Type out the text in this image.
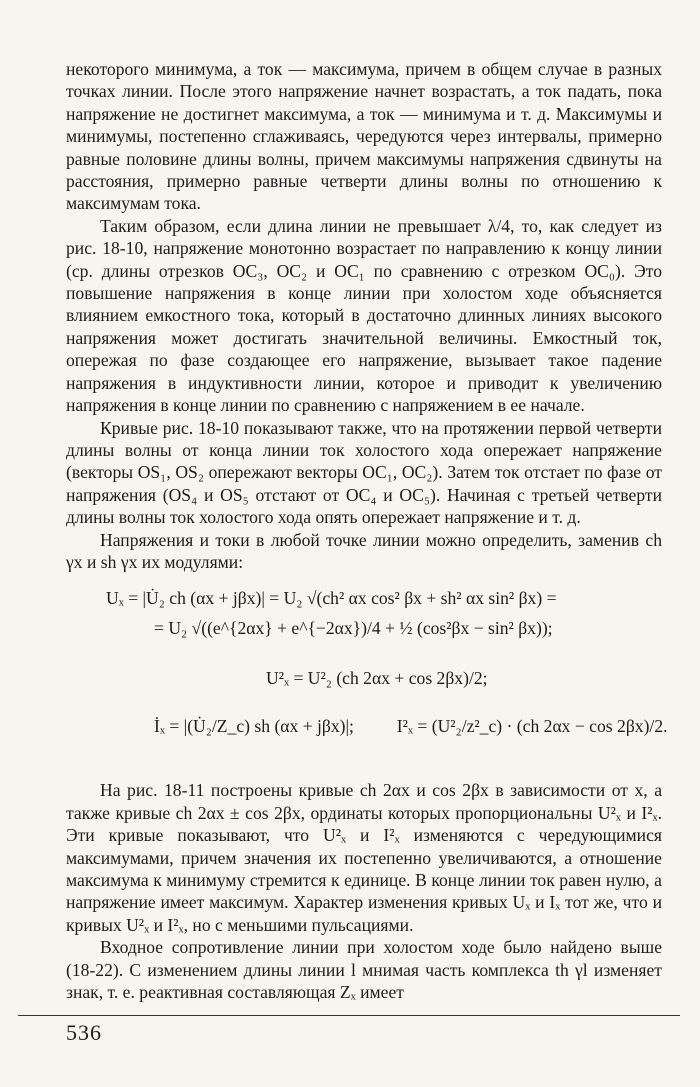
некоторого минимума, а ток — максимума, причем в общем случае в разных точках линии. После этого напряжение начнет возрастать, а ток падать, пока напряжение не достигнет максимума, а ток — минимума и т. д. Максимумы и минимумы, постепенно сглаживаясь, чередуются через интервалы, примерно равные половине длины волны, причем максимумы напряжения сдвинуты на расстояния, примерно равные четверти длины волны по отношению к максимумам тока.

Таким образом, если длина линии не превышает λ/4, то, как следует из рис. 18-10, напряжение монотонно возрастает по направлению к концу линии (ср. длины отрезков OC₃, OC₂ и OC₁ по сравнению с отрезком OC₀). Это повышение напряжения в конце линии при холостом ходе объясняется влиянием емкостного тока, который в достаточно длинных линиях высокого напряжения может достигать значительной величины. Емкостный ток, опережая по фазе создающее его напряжение, вызывает такое падение напряжения в индуктивности линии, которое и приводит к увеличению напряжения в конце линии по сравнению с напряжением в ее начале.

Кривые рис. 18-10 показывают также, что на протяжении первой четверти длины волны от конца линии ток холостого хода опережает напряжение (векторы OS₁, OS₂ опережают векторы OC₁, OC₂). Затем ток отстает по фазе от напряжения (OS₄ и OS₅ отстают от OC₄ и OC₅). Начиная с третьей четверти длины волны ток холостого хода опять опережает напряжение и т. д.

Напряжения и токи в любой точке линии можно определить, заменив ch γx и sh γx их модулями:

Uₓ = |U̇₂ ch (αx + jβx)| = U₂ √(ch² αx cos² βx + sh² αx sin² βx) =
= U₂ √((e^{2αx} + e^{−2αx})/4 + ½ (cos²βx − sin² βx));
U²ₓ = U²₂ (ch 2αx + cos 2βx)/2;
İₓ = |(U̇₂/Z_c) sh (αx + jβx)|; I²ₓ = (U²₂/z²_c) · (ch 2αx − cos 2βx)/2.

На рис. 18-11 построены кривые ch 2αx и cos 2βx в зависимости от x, а также кривые ch 2αx ± cos 2βx, ординаты которых пропорциональны U²ₓ и I²ₓ. Эти кривые показывают, что U²ₓ и I²ₓ изменяются с чередующимися максимумами, причем значения их постепенно увеличиваются, а отношение максимума к минимуму стремится к единице. В конце линии ток равен нулю, а напряжение имеет максимум. Характер изменения кривых Uₓ и Iₓ тот же, что и кривых U²ₓ и I²ₓ, но с меньшими пульсациями.

Входное сопротивление линии при холостом ходе было найдено выше (18-22). С изменением длины линии l мнимая часть комплекса th γl изменяет знак, т. е. реактивная составляющая Zₓ имеет

536
